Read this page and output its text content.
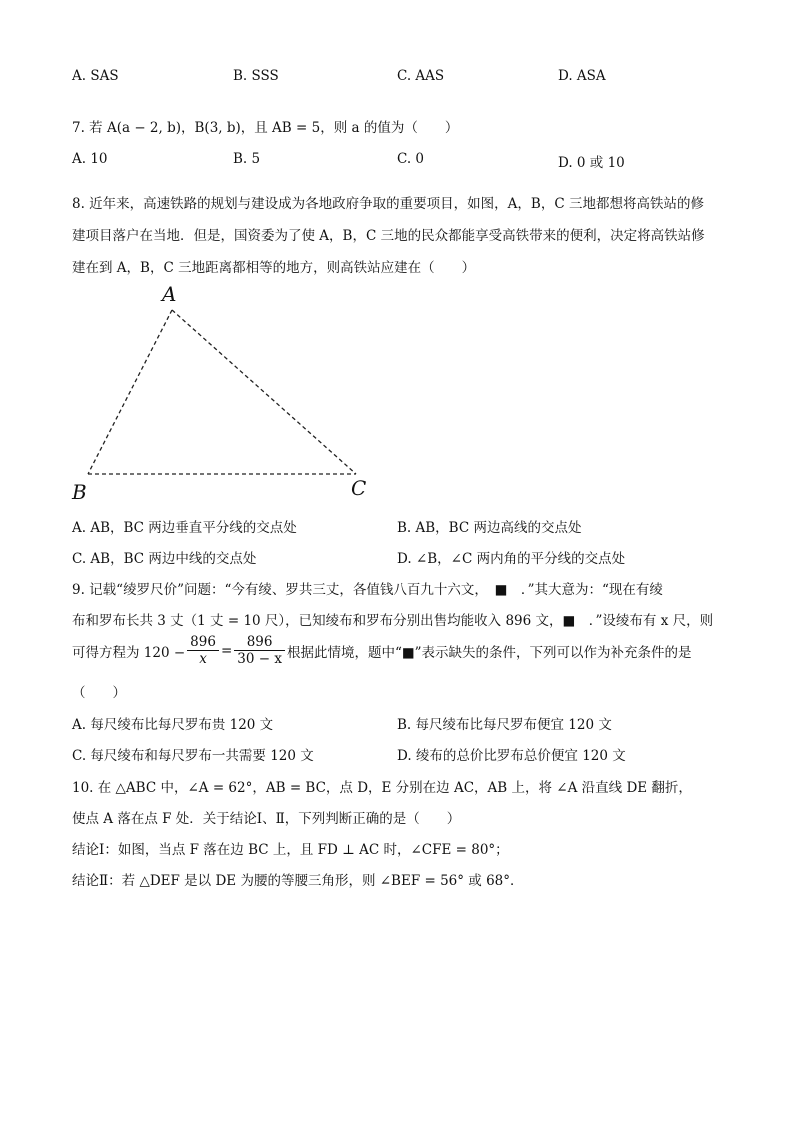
A. SAS	B. SSS	C. AAS	D. ASA
7. 若 A(a − 2, b)，B(3, b)，且 AB = 5，则 a 的值为（　　）
A. 10	B. 5	C. 0	D. 0 或 10
8. 近年来，高速铁路的规划与建设成为各地政府争取的重要项目，如图，A，B，C 三地都想将高铁站的修
建项目落户在当地．但是，国资委为了使 A，B，C 三地的民众都能享受高铁带来的便利，决定将高铁站修
建在到 A，B，C 三地距离都相等的地方，则高铁站应建在（　　）
A
B	C
A. AB，BC 两边垂直平分线的交点处	B. AB，BC 两边高线的交点处
C. AB，BC 两边中线的交点处	D. ∠B，∠C 两内角的平分线的交点处
9. 记载“绫罗尺价”问题：“今有绫、罗共三丈，各值钱八百九十六文，　■　．”其大意为：“现在有绫
布和罗布长共 3 丈（1 丈 = 10 尺），已知绫布和罗布分别出售均能收入 896 文，■　．”设绫布有 x 尺，则
可得方程为 $120 - \frac{896}{x} = \frac{896}{30 - x}$ 根据此情境，题中“■”表示缺失的条件，下列可以作为补充条件的是
（　　）
A. 每尺绫布比每尺罗布贵 120 文	B. 每尺绫布比每尺罗布便宜 120 文
C. 每尺绫布和每尺罗布一共需要 120 文	D. 绫布的总价比罗布总价便宜 120 文
10. 在 △ABC 中，∠A = 62°，AB = BC，点 D，E 分别在边 AC，AB 上，将 ∠A 沿直线 DE 翻折，
使点 A 落在点 F 处．关于结论Ⅰ、Ⅱ，下列判断正确的是（　　）
结论Ⅰ：如图，当点 F 落在边 BC 上，且 FD ⊥ AC 时，∠CFE = 80°；
结论Ⅱ：若 △DEF 是以 DE 为腰的等腰三角形，则 ∠BEF = 56° 或 68°．
